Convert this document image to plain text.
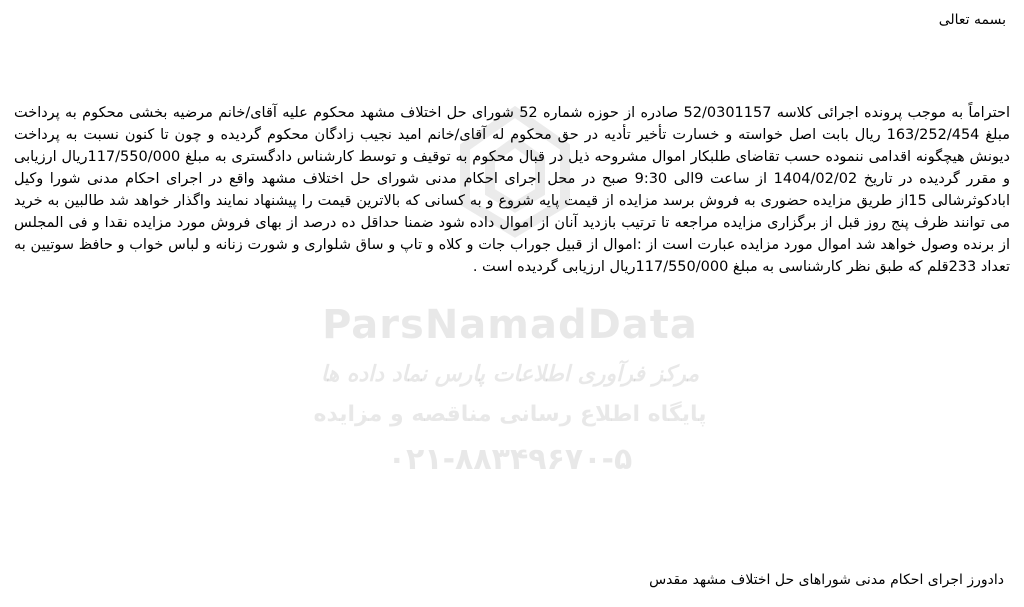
بسمه تعالی
ParsNamadData
مرکز فرآوری اطلاعات پارس نماد داده ها
پایگاه اطلاع رسانی مناقصه و مزایده
۰۲۱-۸۸۳۴۹۶۷۰-۵
احتراماً به موجب پرونده اجرائی کلاسه 52/0301157 صادره از حوزه شماره 52 شورای حل اختلاف مشهد محکوم علیه آقای/خانم مرضیه بخشی محکوم به پرداخت مبلغ 163/252/454 ریال بابت اصل خواسته و خسارت تأخیر تأدیه در حق محکوم له آقای/خانم امید نجیب زادگان محکوم گردیده و چون تا کنون نسبت به پرداخت دیونش هیچگونه اقدامی ننموده حسب تقاضای طلبکار اموال مشروحه ذیل در قبال محکوم به توقیف و توسط کارشناس دادگستری به مبلغ 117/550/000ریال ارزیابی و مقرر گردیده در تاریخ 1404/02/02 از ساعت 9الی 9:30 صبح در محل اجرای احکام مدنی شورای حل اختلاف مشهد واقع در اجرای احکام مدنی شورا وکیل ابادکوثرشالی 15از طریق مزایده حضوری به فروش برسد مزایده از قیمت پایه شروع و به کسانی که بالاترین قیمت را پیشنهاد نمایند واگذار خواهد شد طالبین به خرید می توانند ظرف پنج روز قبل از برگزاری مزایده مراجعه تا ترتیب بازدید آنان از اموال داده شود ضمنا حداقل ده درصد از بهای فروش مورد مزایده نقدا و فی المجلس از برنده وصول خواهد شد اموال مورد مزایده عبارت است از :اموال از قبیل جوراب جات و کلاه و تاپ و ساق شلواری و شورت زنانه و لباس خواب و حافظ سوتیین به تعداد 233قلم که طبق نظر کارشناسی به مبلغ 117/550/000ریال ارزیابی گردیده است .
دادورز اجرای احکام مدنی شوراهای حل اختلاف مشهد مقدس
